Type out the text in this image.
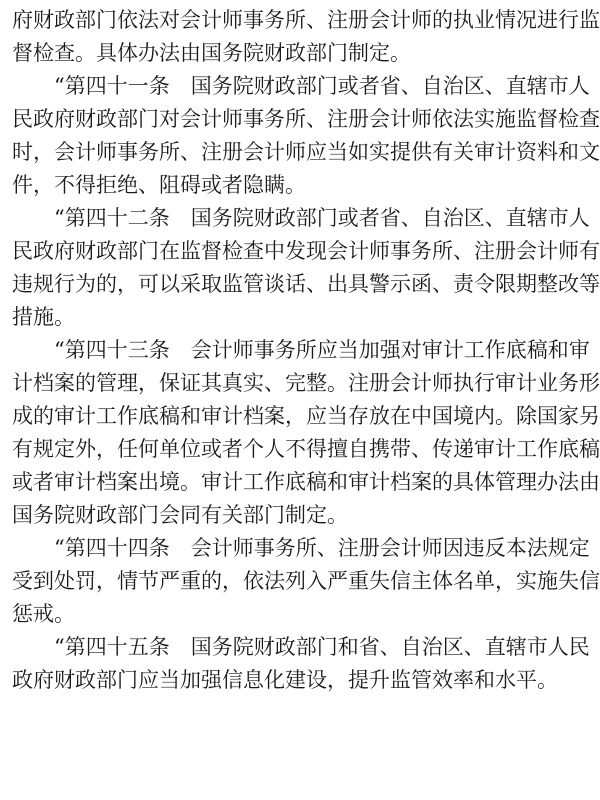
府财政部门依法对会计师事务所、注册会计师的执业情况进行监
督检查。具体办法由国务院财政部门制定。
“第四十一条　国务院财政部门或者省、自治区、直辖市人
民政府财政部门对会计师事务所、注册会计师依法实施监督检查
时，会计师事务所、注册会计师应当如实提供有关审计资料和文
件，不得拒绝、阻碍或者隐瞒。
“第四十二条　国务院财政部门或者省、自治区、直辖市人
民政府财政部门在监督检查中发现会计师事务所、注册会计师有
违规行为的，可以采取监管谈话、出具警示函、责令限期整改等
措施。
“第四十三条　会计师事务所应当加强对审计工作底稿和审
计档案的管理，保证其真实、完整。注册会计师执行审计业务形
成的审计工作底稿和审计档案，应当存放在中国境内。除国家另
有规定外，任何单位或者个人不得擅自携带、传递审计工作底稿
或者审计档案出境。审计工作底稿和审计档案的具体管理办法由
国务院财政部门会同有关部门制定。
“第四十四条　会计师事务所、注册会计师因违反本法规定
受到处罚，情节严重的，依法列入严重失信主体名单，实施失信
惩戒。
“第四十五条　国务院财政部门和省、自治区、直辖市人民
政府财政部门应当加强信息化建设，提升监管效率和水平。
